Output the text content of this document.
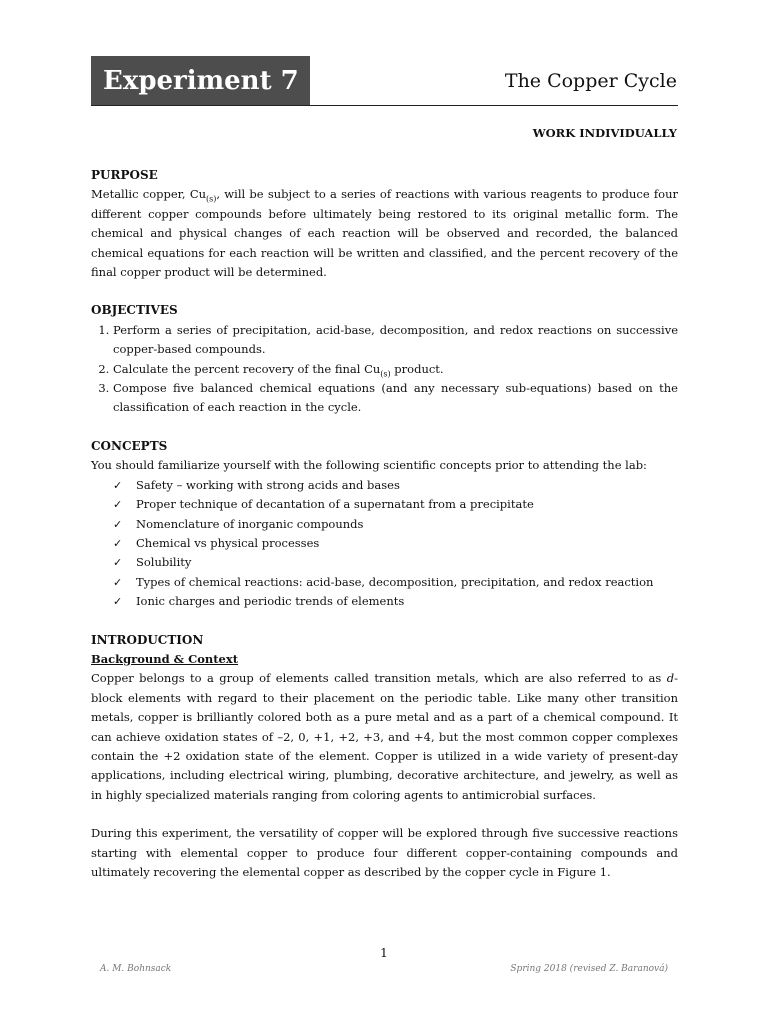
Experiment 7	The Copper Cycle
WORK INDIVIDUALLY

PURPOSE

Metallic copper, $Cu_{(s)}$, will be subject to a series of reactions with various reagents to produce four different copper compounds before ultimately being restored to its original metallic form. The chemical and physical changes of each reaction will be observed and recorded, the balanced chemical equations for each reaction will be written and classified, and the percent recovery of the final copper product will be determined.

OBJECTIVES

1. Perform a series of precipitation, acid-base, decomposition, and redox reactions on successive copper-based compounds.
2. Calculate the percent recovery of the final $Cu_{(s)}$ product.
3. Compose five balanced chemical equations (and any necessary sub-equations) based on the classification of each reaction in the cycle.

CONCEPTS

You should familiarize yourself with the following scientific concepts prior to attending the lab:

✓	Safety – working with strong acids and bases
✓	Proper technique of decantation of a supernatant from a precipitate
✓	Nomenclature of inorganic compounds
✓	Chemical vs physical processes
✓	Solubility
✓	Types of chemical reactions: acid-base, decomposition, precipitation, and redox reaction
✓	Ionic charges and periodic trends of elements

INTRODUCTION

Background & Context

Copper belongs to a group of elements called transition metals, which are also referred to as d-block elements with regard to their placement on the periodic table. Like many other transition metals, copper is brilliantly colored both as a pure metal and as a part of a chemical compound. It can achieve oxidation states of –2, 0, +1, +2, +3, and +4, but the most common copper complexes contain the +2 oxidation state of the element. Copper is utilized in a wide variety of present-day applications, including electrical wiring, plumbing, decorative architecture, and jewelry, as well as in highly specialized materials ranging from coloring agents to antimicrobial surfaces.

During this experiment, the versatility of copper will be explored through five successive reactions starting with elemental copper to produce four different copper-containing compounds and ultimately recovering the elemental copper as described by the copper cycle in Figure 1.

1
A. M. Bohnsack	Spring 2018 (revised Z. Baranová)
